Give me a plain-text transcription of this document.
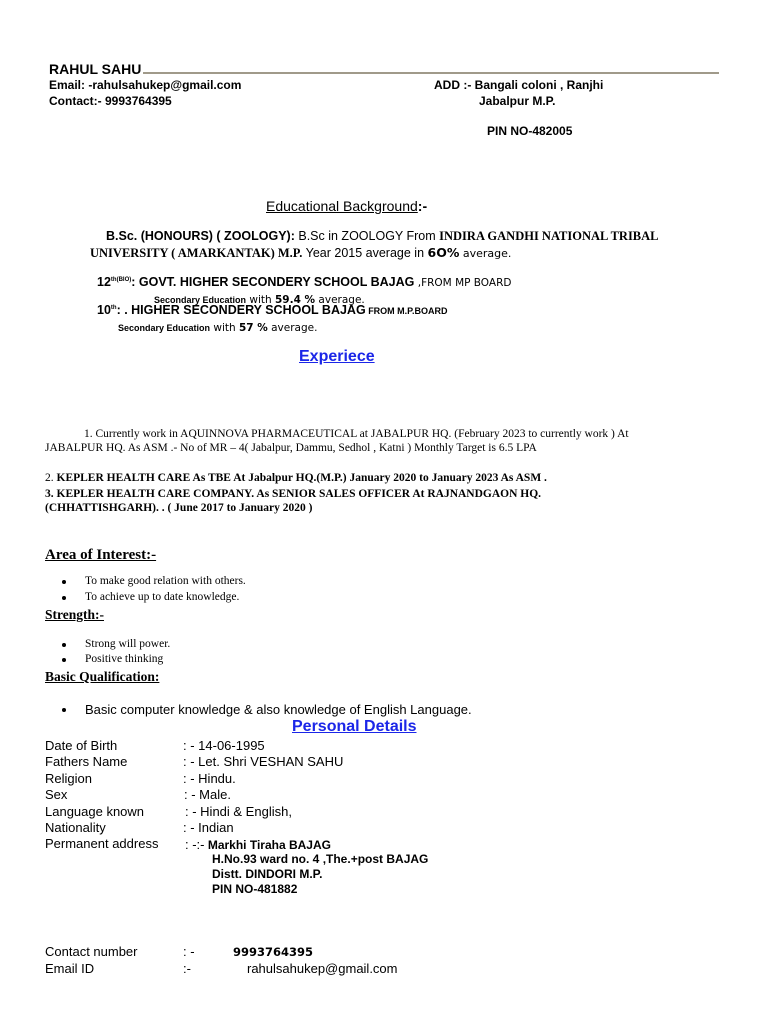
RAHUL SAHU
Email: -rahulsahukep@gmail.com
Contact:- 9993764395
ADD :- Bangali coloni , Ranjhi
Jabalpur M.P.
PIN NO-482005
Educational Background:-
B.Sc. (HONOURS) ( ZOOLOGY): B.Sc in ZOOLOGY From INDIRA GANDHI NATIONAL TRIBAL
UNIVERSITY ( AMARKANTAK) M.P. Year 2015 average in 6O% average.
$12^{th(BIO)}$: GOVT. HIGHER SECONDERY SCHOOL BAJAG ,FROM MP BOARD
Secondary Education with 59.4 % average.
10th: . HIGHER SECONDERY SCHOOL BAJAG FROM M.P.BOARD
Secondary Education with 57 % average.
Experiece
1. Currently work in AQUINNOVA PHARMACEUTICAL at JABALPUR HQ. (February 2023 to currently work ) At
JABALPUR HQ. As ASM .- No of MR – 4( Jabalpur, Dammu, Sedhol , Katni ) Monthly Target is 6.5 LPA
2. KEPLER HEALTH CARE As TBE At Jabalpur HQ.(M.P.) January 2020 to January 2023 As ASM .
3. KEPLER HEALTH CARE COMPANY. As SENIOR SALES OFFICER At RAJNANDGAON HQ.
(CHHATTISHGARH). . ( June 2017 to January 2020 )
Area of Interest:-
To make good relation with others.
To achieve up to date knowledge.
Strength:-
Strong will power.
Positive thinking
Basic Qualification:
Basic computer knowledge & also knowledge of English Language.
Personal Details
Date of Birth	: - 14-06-1995
Fathers Name	: - Let. Shri VESHAN SAHU
Religion	: - Hindu.
Sex	: - Male.
Language known	: - Hindi & English,
Nationality	: - Indian
Permanent address : -:- Markhi Tiraha BAJAG
H.No.93 ward no. 4 ,The.+post BAJAG
Distt. DINDORI M.P.
PIN NO-481882
Contact number	: -	9993764395
Email ID	:-	rahulsahukep@gmail.com
